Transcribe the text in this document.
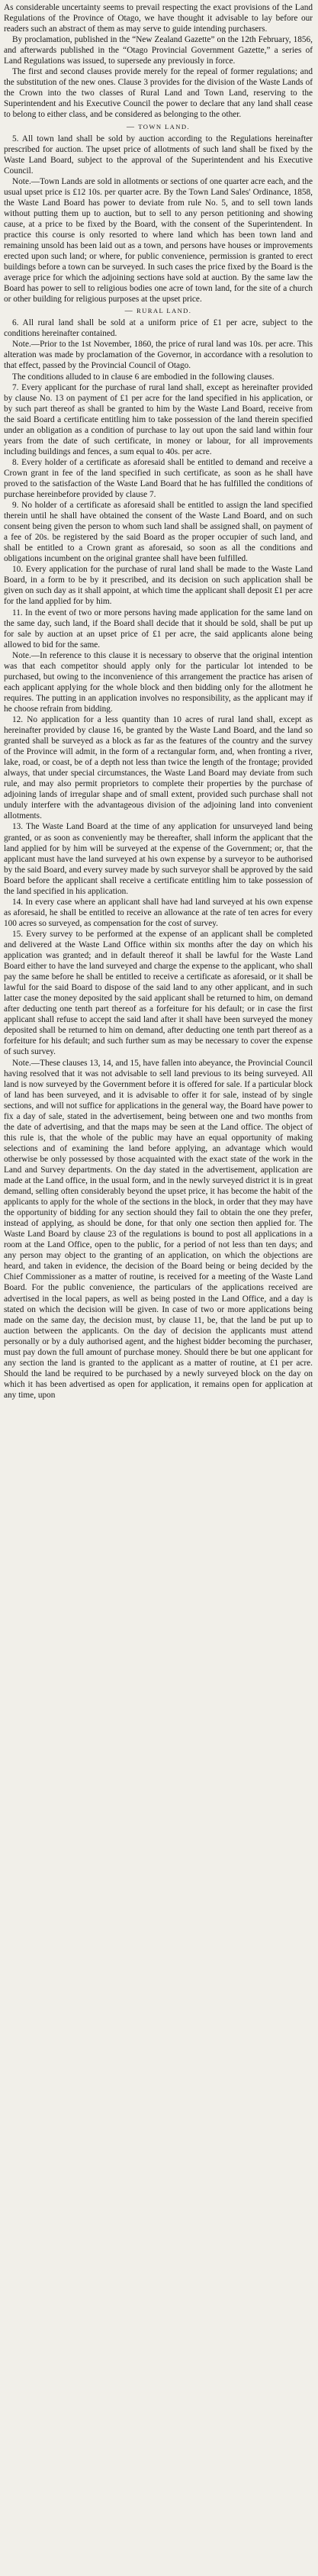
As considerable uncertainty seems to prevail respecting the exact provisions of the Land Regulations of the Province of Otago, we have thought it advisable to lay before our readers such an abstract of them as may serve to guide intending purchasers.

By proclamation, published in the “New Zealand Gazette” on the 12th February, 1856, and afterwards published in the “Otago Provincial Government Gazette,” a series of Land Regulations was issued, to supersede any previously in force.

The first and second clauses provide merely for the repeal of former regulations; and the substitution of the new ones. Clause 3 provides for the division of the Waste Lands of the Crown into the two classes of Rural Land and Town Land, reserving to the Superintendent and his Executive Council the power to declare that any land shall cease to belong to either class, and be considered as belonging to the other.

— TOWN LAND.

5. All town land shall be sold by auction according to the Regulations hereinafter prescribed for auction. The upset price of allotments of such land shall be fixed by the Waste Land Board, subject to the approval of the Superintendent and his Executive Council.

Note.—Town Lands are sold in allotments or sections of one quarter acre each, and the usual upset price is £12 10s. per quarter acre. By the Town Land Sales' Ordinance, 1858, the Waste Land Board has power to deviate from rule No. 5, and to sell town lands without putting them up to auction, but to sell to any person petitioning and showing cause, at a price to be fixed by the Board, with the consent of the Superintendent. In practice this course is only resorted to where land which has been town land and remaining unsold has been laid out as a town, and persons have houses or improvements erected upon such land; or where, for public convenience, permission is granted to erect buildings before a town can be surveyed. In such cases the price fixed by the Board is the average price for which the adjoining sections have sold at auction. By the same law the Board has power to sell to religious bodies one acre of town land, for the site of a church or other building for religious purposes at the upset price.

— RURAL LAND.

6. All rural land shall be sold at a uniform price of £1 per acre, subject to the conditions hereinafter contained.

Note.—Prior to the 1st November, 1860, the price of rural land was 10s. per acre. This alteration was made by proclamation of the Governor, in accordance with a resolution to that effect, passed by the Provincial Council of Otago.

The conditions alluded to in clause 6 are embodied in the following clauses.

7. Every applicant for the purchase of rural land shall, except as hereinafter provided by clause No. 13 on payment of £1 per acre for the land specified in his application, or by such part thereof as shall be granted to him by the Waste Land Board, receive from the said Board a certificate entitling him to take possession of the land therein specified under an obligation as a condition of purchase to lay out upon the said land within four years from the date of such certificate, in money or labour, for all improvements including buildings and fences, a sum equal to 40s. per acre.

8. Every holder of a certificate as aforesaid shall be entitled to demand and receive a Crown grant in fee of the land specified in such certificate, as soon as he shall have proved to the satisfaction of the Waste Land Board that he has fulfilled the conditions of purchase hereinbefore provided by clause 7.

9. No holder of a certificate as aforesaid shall be entitled to assign the land specified therein until he shall have obtained the consent of the Waste Land Board, and on such consent being given the person to whom such land shall be assigned shall, on payment of a fee of 20s. be registered by the said Board as the proper occupier of such land, and shall be entitled to a Crown grant as aforesaid, so soon as all the conditions and obligations incumbent on the original grantee shall have been fulfilled.

10. Every application for the purchase of rural land shall be made to the Waste Land Board, in a form to be by it prescribed, and its decision on such application shall be given on such day as it shall appoint, at which time the applicant shall deposit £1 per acre for the land applied for by him.

11. In the event of two or more persons having made application for the same land on the same day, such land, if the Board shall decide that it should be sold, shall be put up for sale by auction at an upset price of £1 per acre, the said applicants alone being allowed to bid for the same.

Note.—In reference to this clause it is necessary to observe that the original intention was that each competitor should apply only for the particular lot intended to be purchased, but owing to the inconvenience of this arrangement the practice has arisen of each applicant applying for the whole block and then bidding only for the allotment he requires. The putting in an application involves no responsibility, as the applicant may if he choose refrain from bidding.

12. No application for a less quantity than 10 acres of rural land shall, except as hereinafter provided by clause 16, be granted by the Waste Land Board, and the land so granted shall be surveyed as a block as far as the features of the country and the survey of the Province will admit, in the form of a rectangular form, and, when fronting a river, lake, road, or coast, be of a depth not less than twice the length of the frontage; provided always, that under special circumstances, the Waste Land Board may deviate from such rule, and may also permit proprietors to complete their properties by the purchase of adjoining lands of irregular shape and of small extent, provided such purchase shall not unduly interfere with the advantageous division of the adjoining land into convenient allotments.

13. The Waste Land Board at the time of any application for unsurveyed land being granted, or as soon as conveniently may be thereafter, shall inform the applicant that the land applied for by him will be surveyed at the expense of the Government; or, that the applicant must have the land surveyed at his own expense by a surveyor to be authorised by the said Board, and every survey made by such surveyor shall be approved by the said Board before the applicant shall receive a certificate entitling him to take possession of the land specified in his application.

14. In every case where an applicant shall have had land surveyed at his own expense as aforesaid, he shall be entitled to receive an allowance at the rate of ten acres for every 100 acres so surveyed, as compensation for the cost of survey.

15. Every survey to be performed at the expense of an applicant shall be completed and delivered at the Waste Land Office within six months after the day on which his application was granted; and in default thereof it shall be lawful for the Waste Land Board either to have the land surveyed and charge the expense to the applicant, who shall pay the same before he shall be entitled to receive a certificate as aforesaid, or it shall be lawful for the said Board to dispose of the said land to any other applicant, and in such latter case the money deposited by the said applicant shall be returned to him, on demand after deducting one tenth part thereof as a forfeiture for his default; or in case the first applicant shall refuse to accept the said land after it shall have been surveyed the money deposited shall be returned to him on demand, after deducting one tenth part thereof as a forfeiture for his default; and such further sum as may be necessary to cover the expense of such survey.

Note.—These clauses 13, 14, and 15, have fallen into abeyance, the Provincial Council having resolved that it was not advisable to sell land previous to its being surveyed. All land is now surveyed by the Government before it is offered for sale. If a particular block of land has been surveyed, and it is advisable to offer it for sale, instead of by single sections, and will not suffice for applications in the general way, the Board have power to fix a day of sale, stated in the advertisement, being between one and two months from the date of advertising, and that the maps may be seen at the Land office. The object of this rule is, that the whole of the public may have an equal opportunity of making selections and of examining the land before applying, an advantage which would otherwise be only possessed by those acquainted with the exact state of the work in the Land and Survey departments. On the day stated in the advertisement, application are made at the Land office, in the usual form, and in the newly surveyed district it is in great demand, selling often considerably beyond the upset price, it has become the habit of the applicants to apply for the whole of the sections in the block, in order that they may have the opportunity of bidding for any section should they fail to obtain the one they prefer, instead of applying, as should be done, for that only one section then applied for. The Waste Land Board by clause 23 of the regulations is bound to post all applications in a room at the Land Office, open to the public, for a period of not less than ten days; and any person may object to the granting of an application, on which the objections are heard, and taken in evidence, the decision of the Board being or being decided by the Chief Commissioner as a matter of routine, is received for a meeting of the Waste Land Board. For the public convenience, the particulars of the applications received are advertised in the local papers, as well as being posted in the Land Office, and a day is stated on which the decision will be given. In case of two or more applications being made on the same day, the decision must, by clause 11, be, that the land be put up to auction between the applicants. On the day of decision the applicants must attend personally or by a duly authorised agent, and the highest bidder becoming the purchaser, must pay down the full amount of purchase money. Should there be but one applicant for any section the land is granted to the applicant as a matter of routine, at £1 per acre. Should the land be required to be purchased by a newly surveyed block on the day on which it has been advertised as open for application, it remains open for application at any time, upon
